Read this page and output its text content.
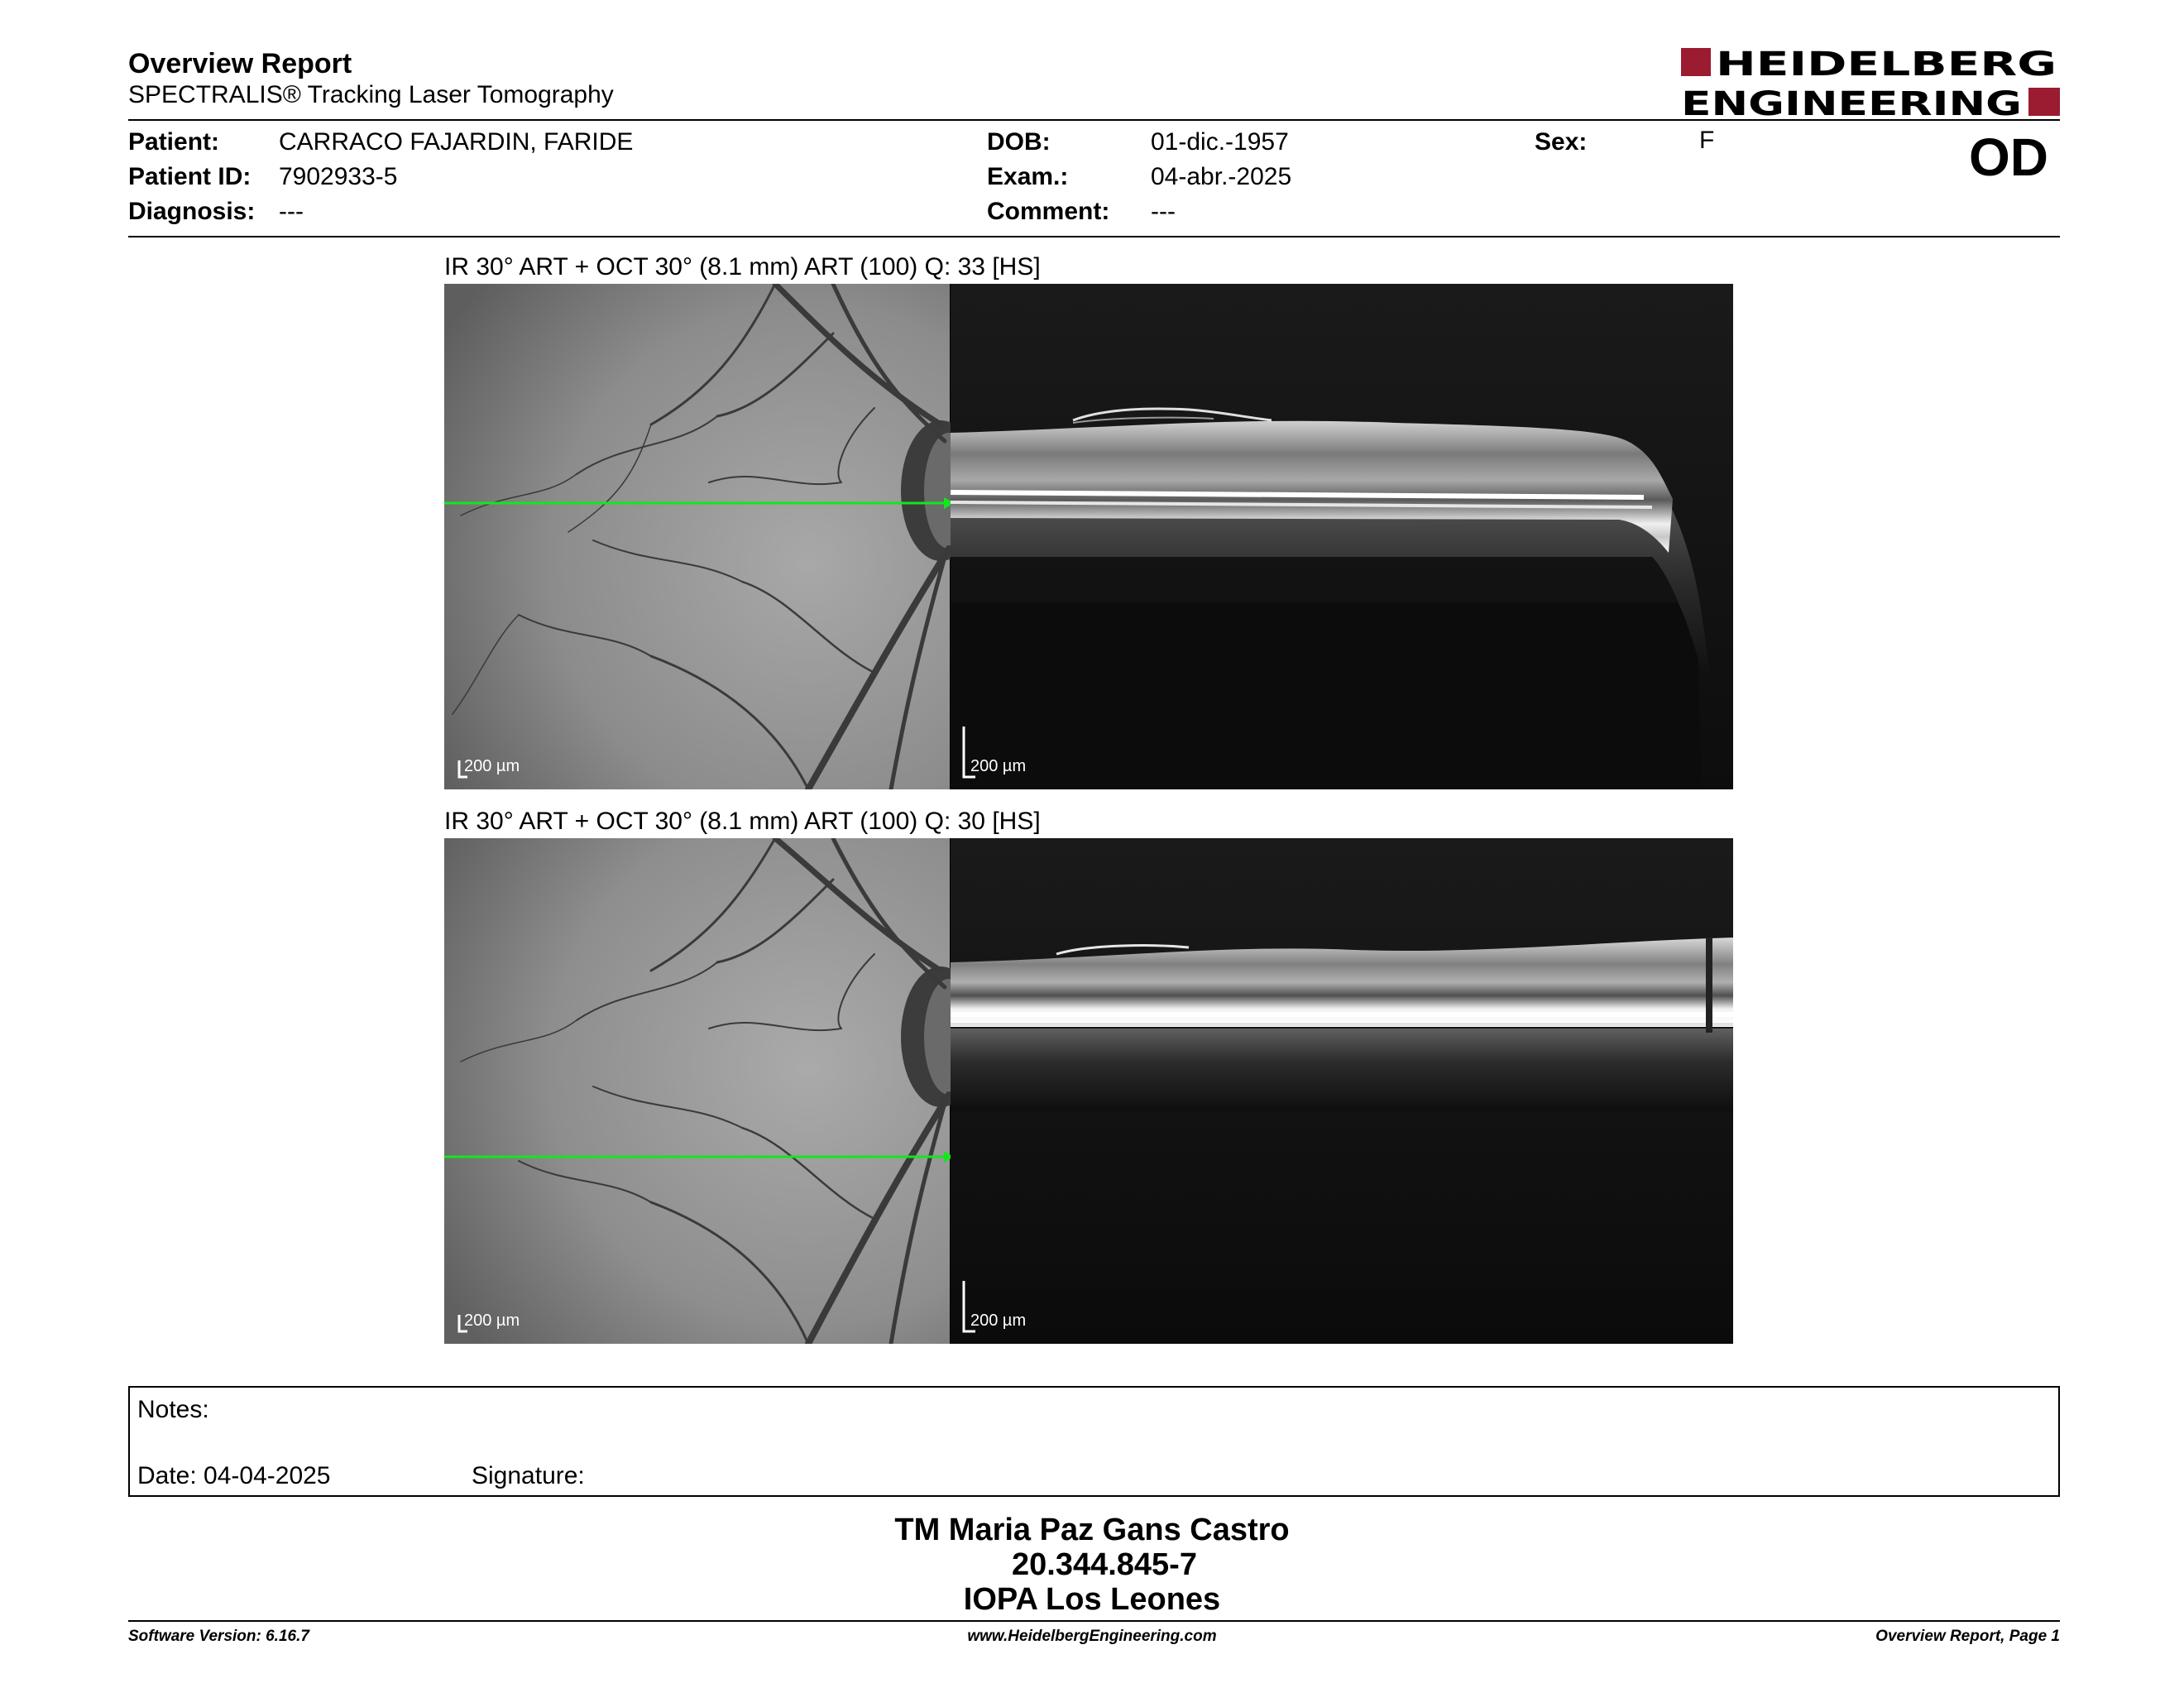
Overview Report
SPECTRALIS® Tracking Laser Tomography
HEIDELBERG
ENGINEERING
Patient: CARRACO FAJARDIN, FARIDE
Patient ID: 7902933-5
Diagnosis: ---
DOB:	01-dic.-1957
Exam.:	04-abr.-2025
Comment: ---
Sex:	F	OD
IR 30° ART + OCT 30° (8.1 mm) ART (100) Q: 33 [HS]
200 µm	200 µm
IR 30° ART + OCT 30° (8.1 mm) ART (100) Q: 30 [HS]
200 µm	200 µm
Notes:
Date: 04-04-2025	Signature:
TM Maria Paz Gans Castro
20.344.845-7
IOPA Los Leones
Software Version: 6.16.7	www.HeidelbergEngineering.com	Overview Report, Page 1
